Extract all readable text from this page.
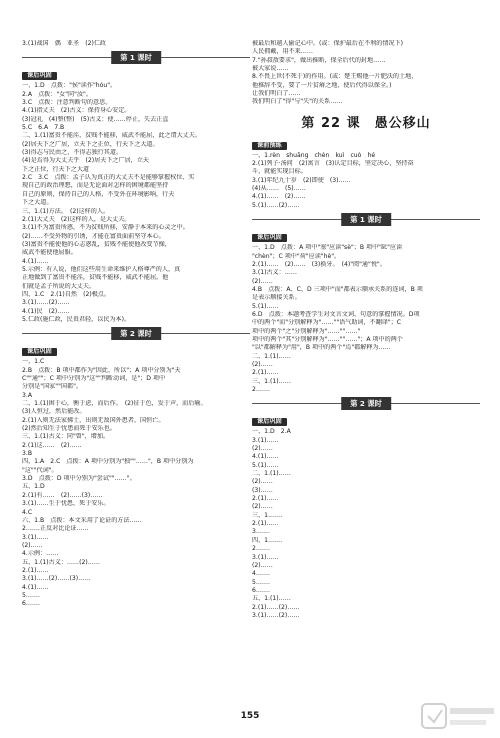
3.(1)战国　偶　亚圣　(2)仁政
第 1 课时
课后巩固
一、1.D　点拨："侯"读作"hóu"。
2.A　点拨："女"同"汝"。
3.C　点拨：注意判断句的意思。
4.(1)指丈夫　(2)古义：保持身心安定。
(3)冠礼　(4)整(整)　(5)古义：使……停止，失去正直
5.C　6.A　7.B
二、1.(1)富贵不能淫，贫贱不能移，威武不能屈，此之谓大丈夫。
(2)居天下之广居，立天下之正位，行天下之大道。
(3)得志与民由之，不得志独行其道。
(4)是焉得为大丈夫乎　(2)居天下之广居，立天
下之正位，行天下之大道
2.C　3.C　点拨：孟子认为真正的大丈夫不是能够掌握权位、实
现自己的政治理想，而是无论面对怎样的困境都能坚持
自己的原则，保持自己的人格，不受外在环境影响，行天
下之大道。
三、1.(1)方法。　(2)这样的人。
2.(1)大丈夫　(2)这样的人，是大丈夫。
3.(1)不为富贵所惑，不为贫贱所移，安静于本来的心灵之中。
(2)……不受外物的引诱，才能在富贵面前坚守本心。
(3)富贵不能使他的心志惑乱，贫贱不能使他改变节操，
威武不能使他屈服。
4.(1)……
5.示例：有人说，他们这些用生命来维护人格尊严的人，真
正地做到了富贵不能淫，贫贱不能移，威武不能屈，他
们就是孟子所说的大丈夫。
四、1.C　2.(1)自然　(2)极点。
3.(1)……(2)……
4.(1)民　(2)……
5.仁政(施仁政，民贵君轻，以民为本)。
第 2 课时
课后巩固
一、1.C
2.B　点拨：B 项中都作为"因此，所以"；A 项中分别为"天
C""通""；C 项中分别为"这""判断动词，是"；D 项中
分别是"国家""国都"。
3.A
二、1.(1)困于心，衡于虑，而后作。　(2)征于色，发于声，而后喻。
(3)人恒过，然后能改。
2.(1)入则无法家拂士，出则无敌国外患者，国恒亡。
(2)然后知生于忧患而死于安乐也。
三、1.(1)古义：同"曾"，增加。
2.(1)这……　(2)……
3.B
四、1.A　2.C　点拨：A 项中分别为"独""……"，B 项中分别为
"这""代词"。
3.D　点拨：D 项中分别为"尝试""……"。
五、1.D
2.(1)有……　(2)……(3)……
3.(1)……生于忧患，死于安乐。
4.C
六、1.B　点拨：本文采用了论证的方法……
2.……正反对比论证……
3.(1)……
(2)……
4.示例：……
五、1.(1)古义：……(2)……
2.(1)……
3.(1)……(2)……(3)……
4.(1)……
5.……
6.……
被最后和越人偷记心中。(或：保护最后在不利的情况下)
人民拥戴，用不来……
7."孙叔敖要求"，做出推断，保全后代的封地……
被大家说……
8.不畏上世(不死于)的作用。(或：楚王赐他一片肥沃的土地，
他推辞不受，要了一片贫瘠之地，使后代得以保全。)
让我们明白了……
我们明白了"得"与"失"的关系……
第 22 课　愚公移山
课前预练
一、1.rèn　shuāng　chèn　kuì　cuò　hé
2.(1)列子·汤问　(2)寓言　(3)认定目标，坚定决心，坚持奋
斗，就能实现目标。
3.(1)年纪九十岁　(2)即使　(3)……
(4)从……　(5)……
4.(1)……　(2)……
5.(1)……(2)……
第 1 课时
课后巩固
一、1.D　点拨：A 项中"塞"应读"sè"；B 项中"龀"应读
"chèn"；C 项中"荷"应读"hè"。
2.(1)……　(2)……　(3)换牙。　(4)"阅"通"悦"。
3.(1)古义：……
(2)……
4.B　点拨：A、C、D 三项中"而"都表示顺承关系的连词，B 项
是表示顺接关系。
5.(1)……
6.D　点拨：本题考查学生对文言文词、句意的掌握情况。D项
中的两个"而"分别解释为"……""语气助词，不翻译"；C
项中的两个"之"分别解释为"……""……"
项中的两个"其"分别解释为"……""……"；A 项中的两个
"以"都解释为"用"，B 项中的两个"焉"都解释为……
二、1.(1)……
(2)……
2.(1)……
三、1.(1)……
2.……
第 2 课时
课后巩固
一、1.D　2.A
3.(1)……
(2)……
4.(1)……
5.(1)……
二、1.(1)……
(2)……
(3)……
2.(1)……
(2)……
三、1.……
2.(1)……
3.……
四、1.……
2.……
3.(1)……
(2)……
4.……
5.……
6.……
五、1.(1)……
2.(1)……(2)……
3.(1)……(2)……
155
